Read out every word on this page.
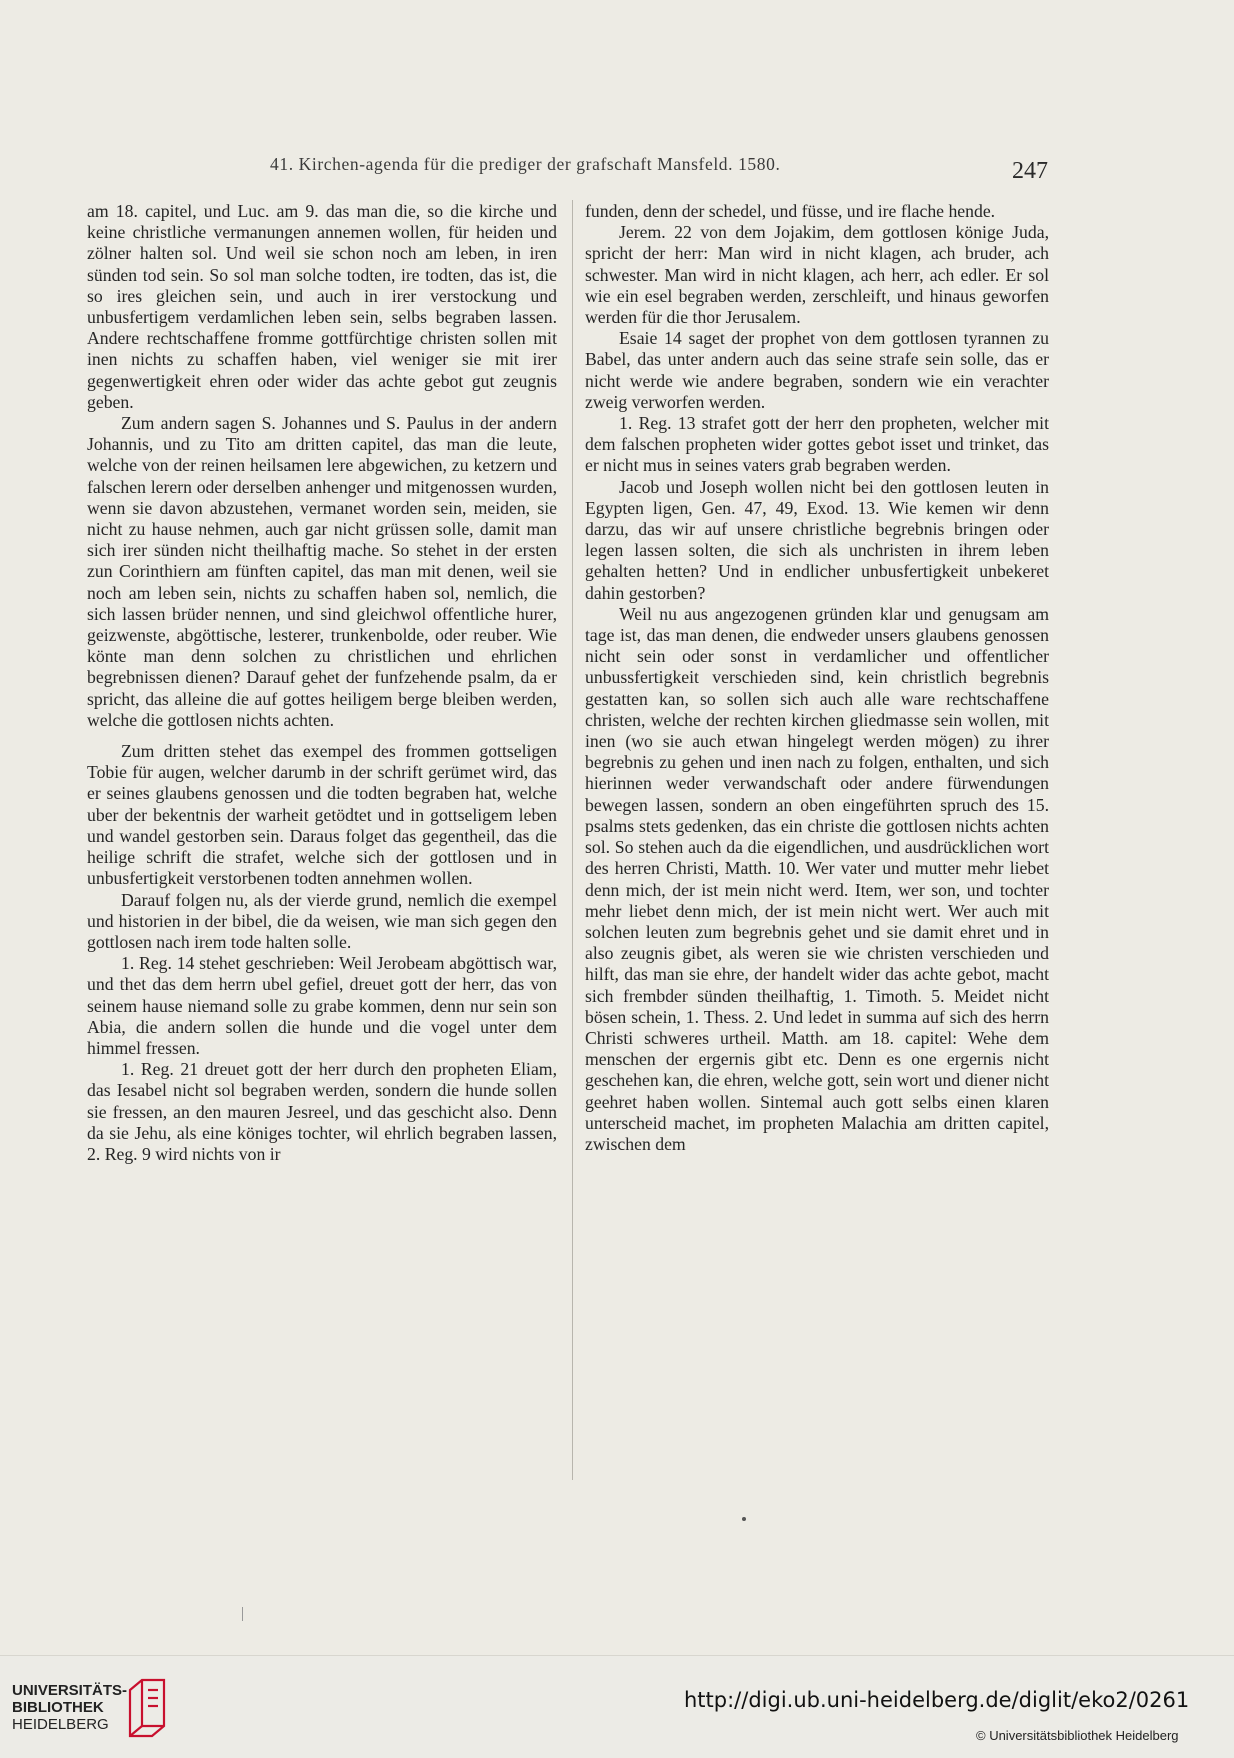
41. Kirchen-agenda für die prediger der grafschaft Mansfeld. 1580.	247

am 18. capitel, und Luc. am 9. das man die, so die kirche und keine christliche vermanungen annemen wollen, für heiden und zölner halten sol. Und weil sie schon noch am leben, in iren sünden tod sein. So sol man solche todten, ire todten, das ist, die so ires gleichen sein, und auch in irer verstockung und unbusfertigem verdamlichen leben sein, selbs begraben lassen. Andere rechtschaffene fromme gottfürchtige christen sollen mit inen nichts zu schaffen haben, viel weniger sie mit irer gegenwertigkeit ehren oder wider das achte gebot gut zeugnis geben.

Zum andern sagen S. Johannes und S. Paulus in der andern Johannis, und zu Tito am dritten capitel, das man die leute, welche von der reinen heilsamen lere abgewichen, zu ketzern und falschen lerern oder derselben anhenger und mitgenossen wurden, wenn sie davon abzustehen, vermanet worden sein, meiden, sie nicht zu hause nehmen, auch gar nicht grüssen solle, damit man sich irer sünden nicht theilhaftig mache. So stehet in der ersten zun Corinthiern am fünften capitel, das man mit denen, weil sie noch am leben sein, nichts zu schaffen haben sol, nemlich, die sich lassen brüder nennen, und sind gleichwol offentliche hurer, geizwenste, abgöttische, lesterer, trunkenbolde, oder reuber. Wie könte man denn solchen zu christlichen und ehrlichen begrebnissen dienen? Darauf gehet der funfzehende psalm, da er spricht, das alleine die auf gottes heiligem berge bleiben werden, welche die gottlosen nichts achten.

Zum dritten stehet das exempel des frommen gottseligen Tobie für augen, welcher darumb in der schrift gerümet wird, das er seines glaubens genossen und die todten begraben hat, welche uber der bekentnis der warheit getödtet und in gottseligem leben und wandel gestorben sein. Daraus folget das gegentheil, das die heilige schrift die strafet, welche sich der gottlosen und in unbusfertigkeit verstorbenen todten annehmen wollen.

Darauf folgen nu, als der vierde grund, nemlich die exempel und historien in der bibel, die da weisen, wie man sich gegen den gottlosen nach irem tode halten solle.

1. Reg. 14 stehet geschrieben: Weil Jerobeam abgöttisch war, und thet das dem herrn ubel gefiel, dreuet gott der herr, das von seinem hause niemand solle zu grabe kommen, denn nur sein son Abia, die andern sollen die hunde und die vogel unter dem himmel fressen.

1. Reg. 21 dreuet gott der herr durch den propheten Eliam, das Iesabel nicht sol begraben werden, sondern die hunde sollen sie fressen, an den mauren Jesreel, und das geschicht also. Denn da sie Jehu, als eine königes tochter, wil ehrlich begraben lassen, 2. Reg. 9 wird nichts von ir

funden, denn der schedel, und füsse, und ire flache hende.

Jerem. 22 von dem Jojakim, dem gottlosen könige Juda, spricht der herr: Man wird in nicht klagen, ach bruder, ach schwester. Man wird in nicht klagen, ach herr, ach edler. Er sol wie ein esel begraben werden, zerschleift, und hinaus geworfen werden für die thor Jerusalem.

Esaie 14 saget der prophet von dem gottlosen tyrannen zu Babel, das unter andern auch das seine strafe sein solle, das er nicht werde wie andere begraben, sondern wie ein verachter zweig verworfen werden.

1. Reg. 13 strafet gott der herr den propheten, welcher mit dem falschen propheten wider gottes gebot isset und trinket, das er nicht mus in seines vaters grab begraben werden.

Jacob und Joseph wollen nicht bei den gottlosen leuten in Egypten ligen, Gen. 47, 49, Exod. 13. Wie kemen wir denn darzu, das wir auf unsere christliche begrebnis bringen oder legen lassen solten, die sich als unchristen in ihrem leben gehalten hetten? Und in endlicher unbusfertigkeit unbekeret dahin gestorben?

Weil nu aus angezogenen gründen klar und genugsam am tage ist, das man denen, die endweder unsers glaubens genossen nicht sein oder sonst in verdamlicher und offentlicher unbussfertigkeit verschieden sind, kein christlich begrebnis gestatten kan, so sollen sich auch alle ware rechtschaffene christen, welche der rechten kirchen gliedmasse sein wollen, mit inen (wo sie auch etwan hingelegt werden mögen) zu ihrer begrebnis zu gehen und inen nach zu folgen, enthalten, und sich hierinnen weder verwandschaft oder andere fürwendungen bewegen lassen, sondern an oben eingeführten spruch des 15. psalms stets gedenken, das ein christe die gottlosen nichts achten sol. So stehen auch da die eigendlichen, und ausdrücklichen wort des herren Christi, Matth. 10. Wer vater und mutter mehr liebet denn mich, der ist mein nicht werd. Item, wer son, und tochter mehr liebet denn mich, der ist mein nicht wert. Wer auch mit solchen leuten zum begrebnis gehet und sie damit ehret und in also zeugnis gibet, als weren sie wie christen verschieden und hilft, das man sie ehre, der handelt wider das achte gebot, macht sich frembder sünden theilhaftig, 1. Timoth. 5. Meidet nicht bösen schein, 1. Thess. 2. Und ledet in summa auf sich des herrn Christi schweres urtheil. Matth. am 18. capitel: Wehe dem menschen der ergernis gibt etc. Denn es one ergernis nicht geschehen kan, die ehren, welche gott, sein wort und diener nicht geehret haben wollen. Sintemal auch gott selbs einen klaren unterscheid machet, im propheten Malachia am dritten capitel, zwischen dem

UNIVERSITÄTS-
BIBLIOTHEK
HEIDELBERG
http://digi.ub.uni-heidelberg.de/diglit/eko2/0261
© Universitätsbibliothek Heidelberg
